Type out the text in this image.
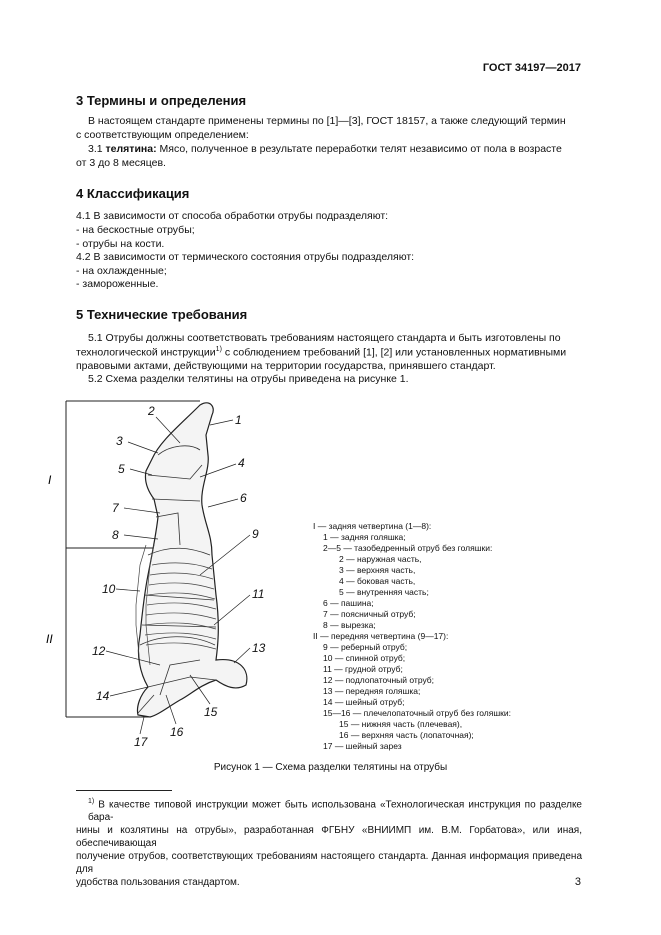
ГОСТ 34197—2017
3 Термины и определения
В настоящем стандарте применены термины по [1]—[3], ГОСТ 18157, а также следующий термин
с соответствующим определением:
3.1 телятина: Мясо, полученное в результате переработки телят независимо от пола в возрасте
от 3 до 8 месяцев.
4 Классификация
4.1 В зависимости от способа обработки отрубы подразделяют:
- на бескостные отрубы;
- отрубы на кости.
4.2 В зависимости от термического состояния отрубы подразделяют:
- на охлажденные;
- замороженные.
5 Технические требования
5.1 Отрубы должны соответствовать требованиям настоящего стандарта и быть изготовлены по
технологической инструкции$^{1)}$ с соблюдением требований [1], [2] или установленных нормативными
правовыми актами, действующими на территории государства, принявшего стандарт.
5.2 Схема разделки телятины на отрубы приведена на рисунке 1.
I
II
1
2
3
4
5
6
7
8	9
10	11
12	13
14
15
16
17
I — задняя четвертина (1—8):
1 — задняя голяшка;
2—5 — тазобедренный отруб без голяшки:
2 — наружная часть,
3 — верхняя часть,
4 — боковая часть,
5 — внутренняя часть;
6 — пашина;
7 — поясничный отруб;
8 — вырезка;
II — передняя четвертина (9—17):
9 — реберный отруб;
10 — спинной отруб;
11 — грудной отруб;
12 — подлопаточный отруб;
13 — передняя голяшка;
14 — шейный отруб;
15—16 — плечелопаточный отруб без голяшки:
15 — нижняя часть (плечевая),
16 — верхняя часть (лопаточная);
17 — шейный зарез
Рисунок 1 — Схема разделки телятины на отрубы
$^{1)}$ В качестве типовой инструкции может быть использована «Технологическая инструкция по разделке бара-
нины и козлятины на отрубы», разработанная ФГБНУ «ВНИИМП им. В.М. Горбатова», или иная, обеспечивающая
получение отрубов, соответствующих требованиям настоящего стандарта. Данная информация приведена для
удобства пользования стандартом.	3
